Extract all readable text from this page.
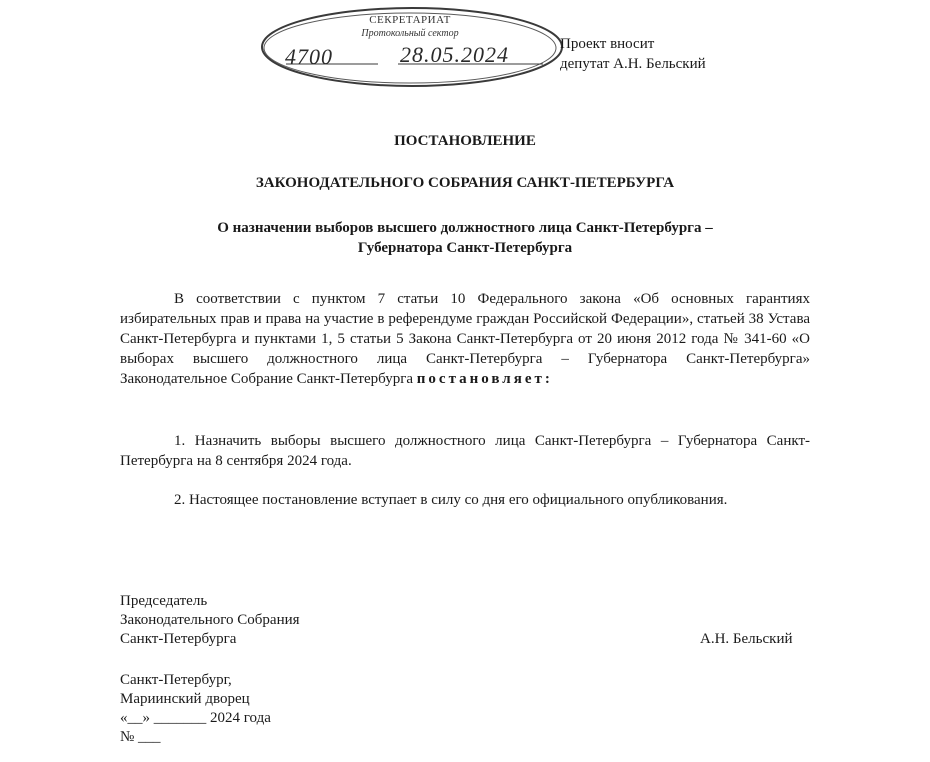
СЕКРЕТАРИАТ
Протокольный сектор
4700	28.05.2024	Проект вносит
депутат А.Н. Бельский
ПОСТАНОВЛЕНИЕ
ЗАКОНОДАТЕЛЬНОГО СОБРАНИЯ САНКТ-ПЕТЕРБУРГА
О назначении выборов высшего должностного лица Санкт-Петербурга –
Губернатора Санкт-Петербурга
В соответствии с пунктом 7 статьи 10 Федерального закона «Об основных гарантиях избирательных прав и права на участие в референдуме граждан Российской Федерации», статьей 38 Устава Санкт-Петербурга и пунктами 1, 5 статьи 5 Закона Санкт-Петербурга от 20 июня 2012 года № 341-60 «О выборах высшего должностного лица Санкт-Петербурга – Губернатора Санкт-Петербурга» Законодательное Собрание Санкт-Петербурга постановляет:
1. Назначить выборы высшего должностного лица Санкт-Петербурга – Губернатора Санкт-Петербурга на 8 сентября 2024 года.
2. Настоящее постановление вступает в силу со дня его официального опубликования.
Председатель
Законодательного Собрания
Санкт-Петербурга	А.Н. Бельский
Санкт-Петербург,
Мариинский дворец
«__» _______ 2024 года
№ ___
